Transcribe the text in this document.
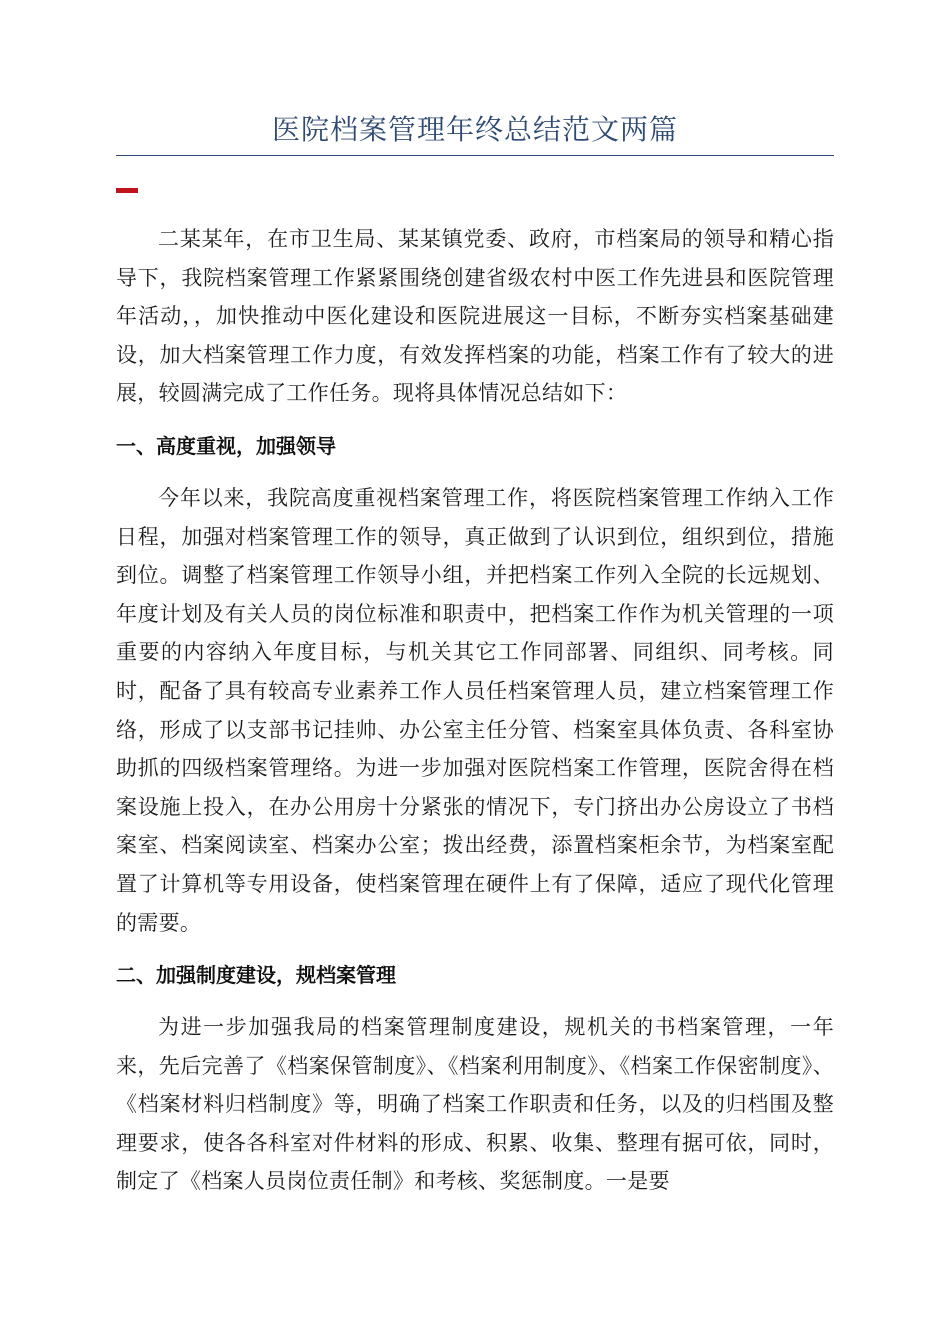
医院档案管理年终总结范文两篇

二某某年，在市卫生局、某某镇党委、政府，市档案局的领导和精心指导下，我院档案管理工作紧紧围绕创建省级农村中医工作先进县和医院管理年活动，，加快推动中医化建设和医院进展这一目标，不断夯实档案基础建设，加大档案管理工作力度，有效发挥档案的功能，档案工作有了较大的进展，较圆满完成了工作任务。现将具体情况总结如下：

一、高度重视，加强领导

今年以来，我院高度重视档案管理工作，将医院档案管理工作纳入工作日程，加强对档案管理工作的领导，真正做到了认识到位，组织到位，措施到位。调整了档案管理工作领导小组，并把档案工作列入全院的长远规划、年度计划及有关人员的岗位标准和职责中，把档案工作作为机关管理的一项重要的内容纳入年度目标，与机关其它工作同部署、同组织、同考核。同时，配备了具有较高专业素养工作人员任档案管理人员，建立档案管理工作络，形成了以支部书记挂帅、办公室主任分管、档案室具体负责、各科室协助抓的四级档案管理络。为进一步加强对医院档案工作管理，医院舍得在档案设施上投入，在办公用房十分紧张的情况下，专门挤出办公房设立了书档案室、档案阅读室、档案办公室；拨出经费，添置档案柜余节，为档案室配置了计算机等专用设备，使档案管理在硬件上有了保障，适应了现代化管理的需要。

二、加强制度建设，规档案管理

为进一步加强我局的档案管理制度建设，规机关的书档案管理，一年来，先后完善了《档案保管制度》、《档案利用制度》、《档案工作保密制度》、《档案材料归档制度》等，明确了档案工作职责和任务，以及的归档围及整理要求，使各各科室对件材料的形成、积累、收集、整理有据可依，同时，制定了《档案人员岗位责任制》和考核、奖惩制度。一是要
